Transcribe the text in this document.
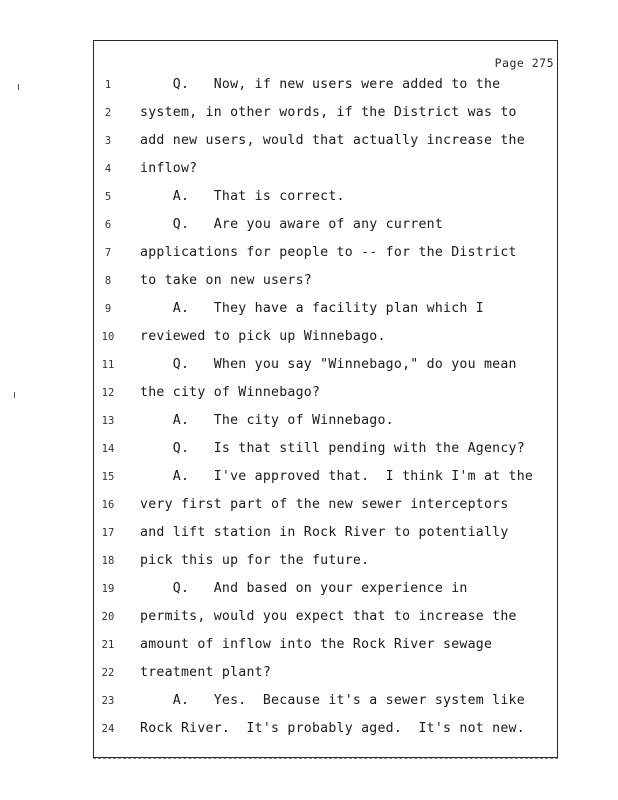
Page 275
1	Q.   Now, if new users were added to the
2	system, in other words, if the District was to
3	add new users, would that actually increase the
4	inflow?
5	A.   That is correct.
6	Q.   Are you aware of any current
7	applications for people to -- for the District
8	to take on new users?
9	A.   They have a facility plan which I
10	reviewed to pick up Winnebago.
11	Q.   When you say "Winnebago," do you mean
12	the city of Winnebago?
13	A.   The city of Winnebago.
14	Q.   Is that still pending with the Agency?
15	A.   I've approved that.  I think I'm at the
16	very first part of the new sewer interceptors
17	and lift station in Rock River to potentially
18	pick this up for the future.
19	Q.   And based on your experience in
20	permits, would you expect that to increase the
21	amount of inflow into the Rock River sewage
22	treatment plant?
23	A.   Yes.  Because it's a sewer system like
24	Rock River.  It's probably aged.  It's not new.
